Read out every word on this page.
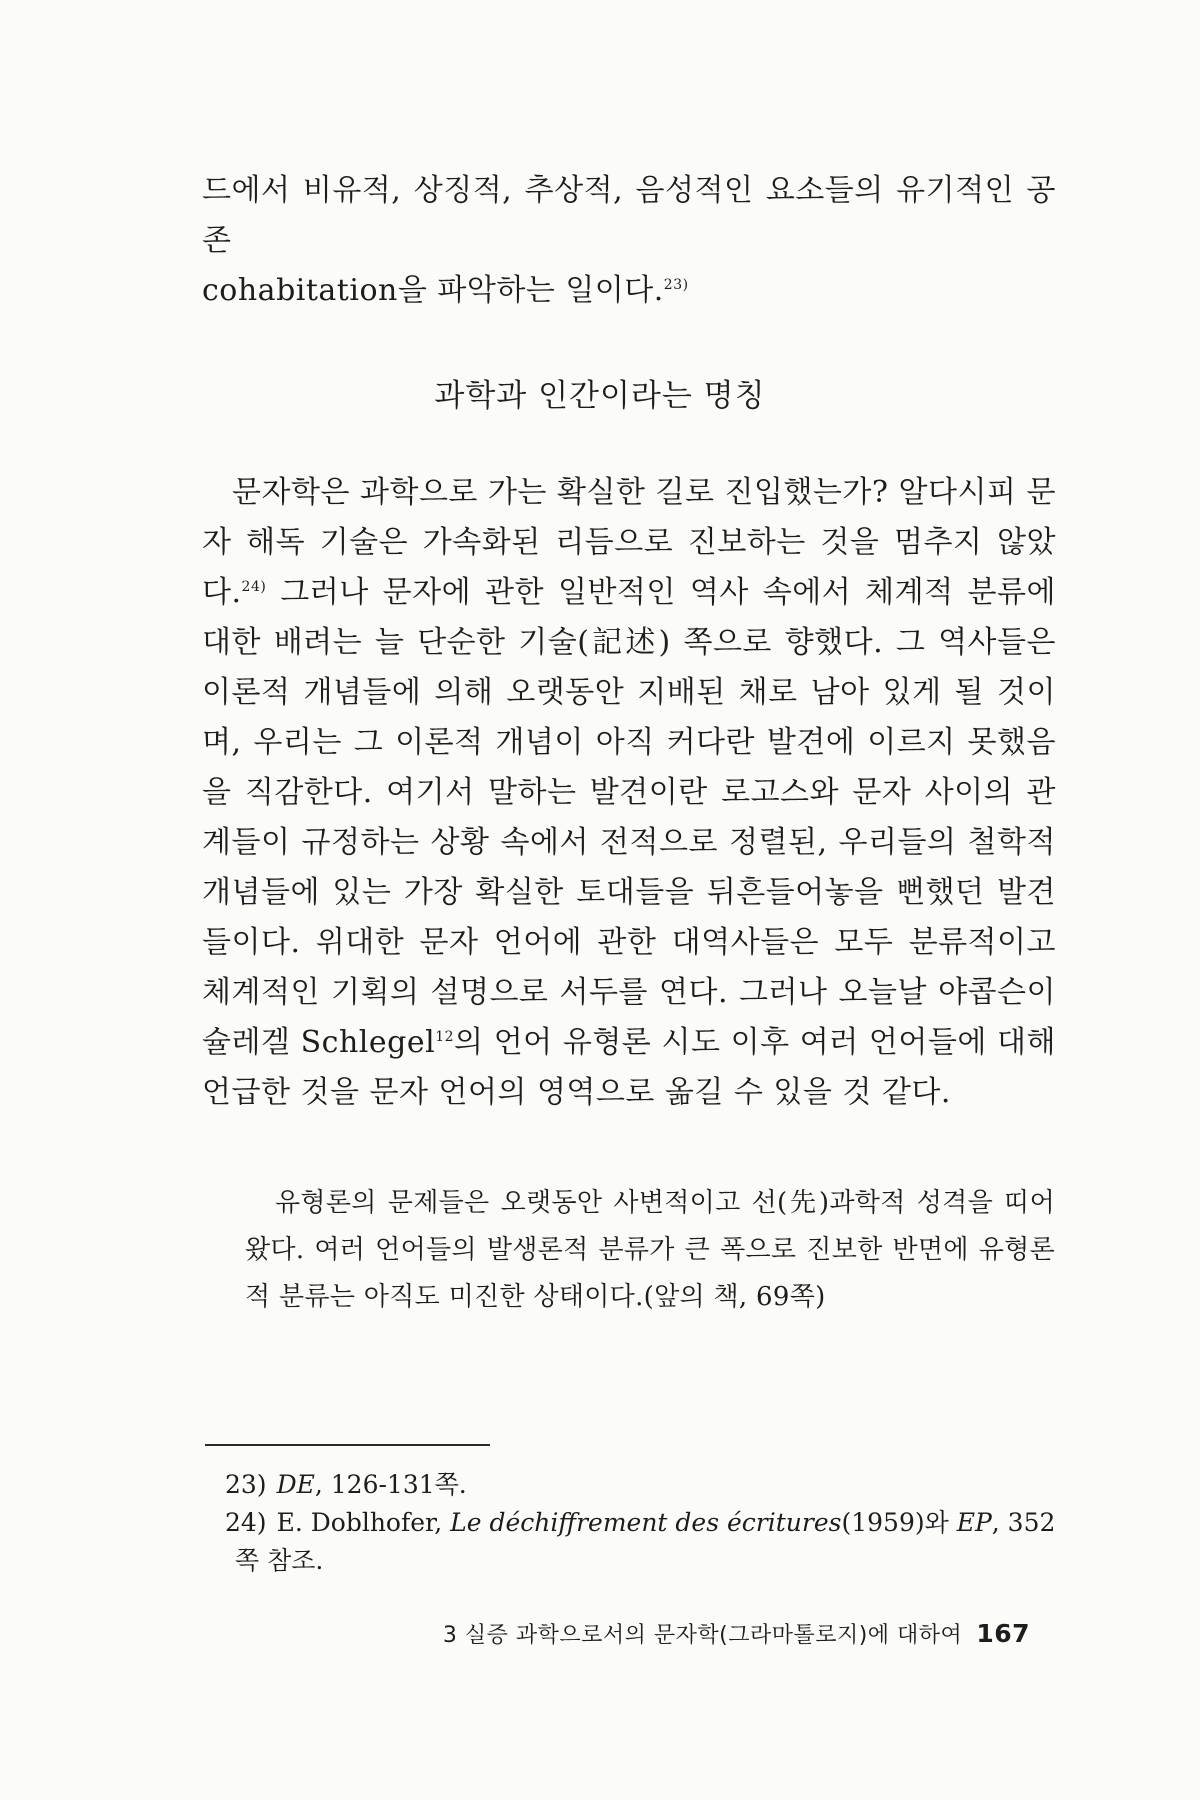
드에서 비유적, 상징적, 추상적, 음성적인 요소들의 유기적인 공존
cohabitation을 파악하는 일이다.$^{23)}$
과학과 인간이라는 명칭
문자학은 과학으로 가는 확실한 길로 진입했는가? 알다시피 문자 해독 기술은 가속화된 리듬으로 진보하는 것을 멈추지 않았다.$^{24)}$ 그러나 문자에 관한 일반적인 역사 속에서 체계적 분류에 대한 배려는 늘 단순한 기술(記述) 쪽으로 향했다. 그 역사들은 이론적 개념들에 의해 오랫동안 지배된 채로 남아 있게 될 것이며, 우리는 그 이론적 개념이 아직 커다란 발견에 이르지 못했음을 직감한다. 여기서 말하는 발견이란 로고스와 문자 사이의 관계들이 규정하는 상황 속에서 전적으로 정렬된, 우리들의 철학적 개념들에 있는 가장 확실한 토대들을 뒤흔들어놓을 뻔했던 발견들이다. 위대한 문자 언어에 관한 대역사들은 모두 분류적이고 체계적인 기획의 설명으로 서두를 연다. 그러나 오늘날 야콥슨이 슐레겔 Schlegel$^{12}$의 언어 유형론 시도 이후 여러 언어들에 대해 언급한 것을 문자 언어의 영역으로 옮길 수 있을 것 같다.
유형론의 문제들은 오랫동안 사변적이고 선(先)과학적 성격을 띠어 왔다. 여러 언어들의 발생론적 분류가 큰 폭으로 진보한 반면에 유형론적 분류는 아직도 미진한 상태이다.(앞의 책, 69쪽)
23) DE, 126-131쪽.
24) E. Doblhofer, Le déchiffrement des écritures(1959)와 EP, 352
쪽 참조.
3 실증 과학으로서의 문자학(그라마톨로지)에 대하여 167
